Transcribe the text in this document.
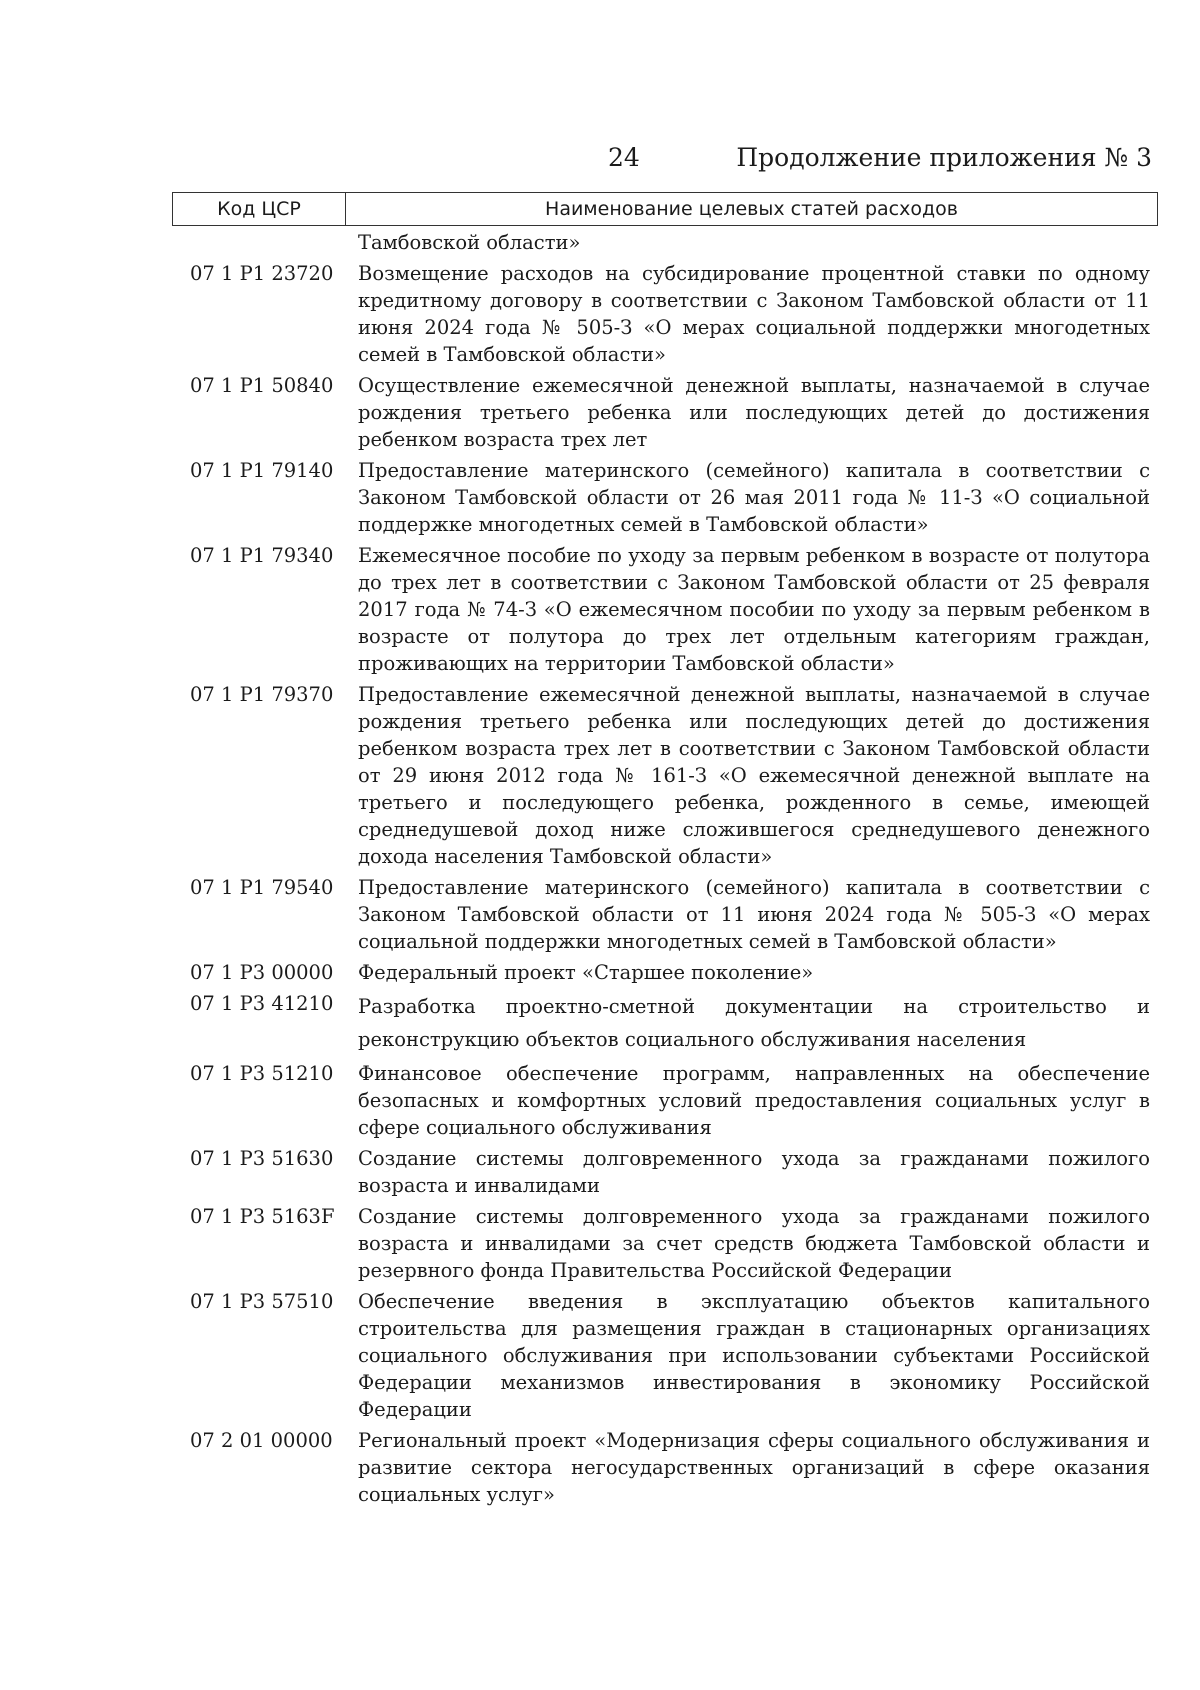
24	Продолжение приложения № 3
Код ЦСР	Наименование целевых статей расходов
Тамбовской области»
07 1 P1 23720	Возмещение расходов на субсидирование процентной ставки по одному кредитному договору в соответствии с Законом Тамбовской области от 11 июня 2024 года № 505-З «О мерах социальной поддержки многодетных семей в Тамбовской области»
07 1 P1 50840	Осуществление ежемесячной денежной выплаты, назначаемой в случае рождения третьего ребенка или последующих детей до достижения ребенком возраста трех лет
07 1 P1 79140	Предоставление материнского (семейного) капитала в соответствии с Законом Тамбовской области от 26 мая 2011 года № 11-З «О социальной поддержке многодетных семей в Тамбовской области»
07 1 P1 79340	Ежемесячное пособие по уходу за первым ребенком в возрасте от полутора до трех лет в соответствии с Законом Тамбовской области от 25 февраля 2017 года № 74-З «О ежемесячном пособии по уходу за первым ребенком в возрасте от полутора до трех лет отдельным категориям граждан, проживающих на территории Тамбовской области»
07 1 P1 79370	Предоставление ежемесячной денежной выплаты, назначаемой в случае рождения третьего ребенка или последующих детей до достижения ребенком возраста трех лет в соответствии с Законом Тамбовской области от 29 июня 2012 года № 161-З «О ежемесячной денежной выплате на третьего и последующего ребенка, рожденного в семье, имеющей среднедушевой доход ниже сложившегося среднедушевого денежного дохода населения Тамбовской области»
07 1 P1 79540	Предоставление материнского (семейного) капитала в соответствии с Законом Тамбовской области от 11 июня 2024 года № 505-З «О мерах социальной поддержки многодетных семей в Тамбовской области»
07 1 P3 00000	Федеральный проект «Старшее поколение»
07 1 P3 41210	Разработка проектно-сметной документации на строительство и реконструкцию объектов социального обслуживания населения
07 1 P3 51210	Финансовое обеспечение программ, направленных на обеспечение безопасных и комфортных условий предоставления социальных услуг в сфере социального обслуживания
07 1 P3 51630	Создание системы долговременного ухода за гражданами пожилого возраста и инвалидами
07 1 P3 5163F	Создание системы долговременного ухода за гражданами пожилого возраста и инвалидами за счет средств бюджета Тамбовской области и резервного фонда Правительства Российской Федерации
07 1 P3 57510	Обеспечение введения в эксплуатацию объектов капитального строительства для размещения граждан в стационарных организациях социального обслуживания при использовании субъектами Российской Федерации механизмов инвестирования в экономику Российской Федерации
07 2 01 00000	Региональный проект «Модернизация сферы социального обслуживания и развитие сектора негосударственных организаций в сфере оказания социальных услуг»
